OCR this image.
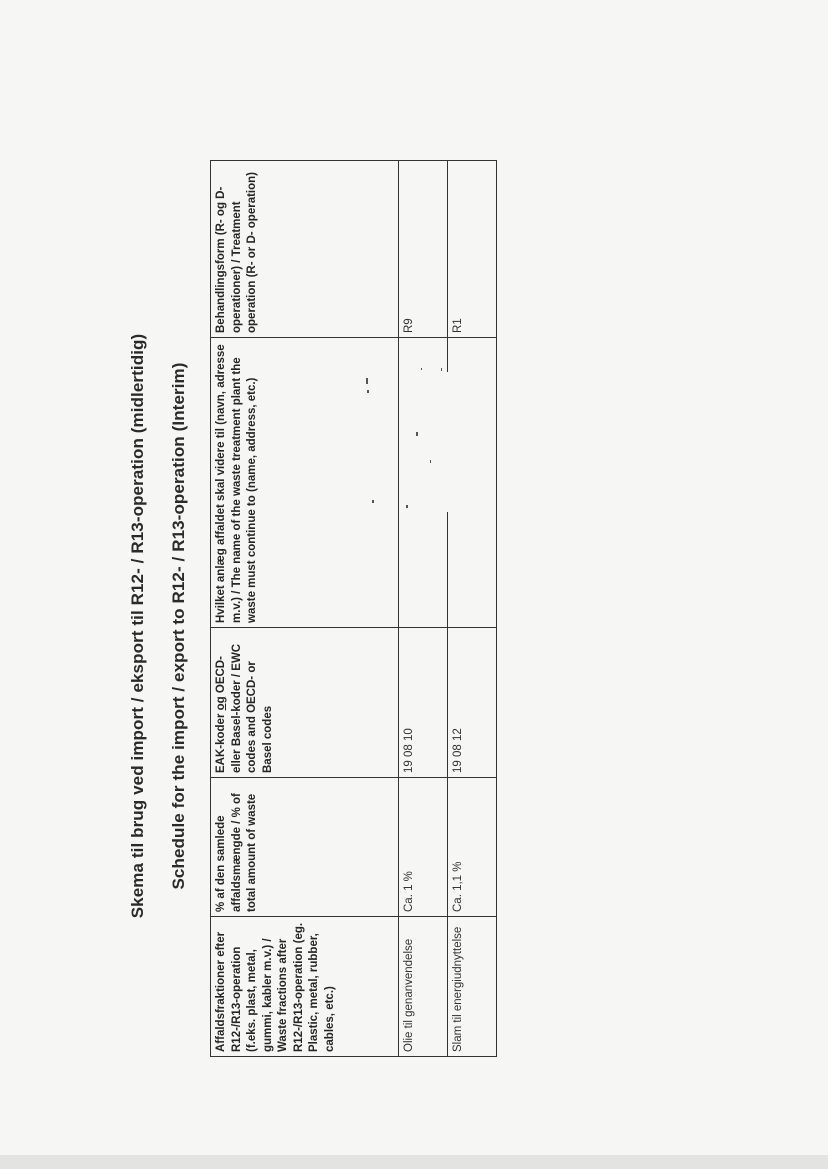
Skema til brug ved import / eksport til R12- / R13-operation (midlertidig) Schedule for the import / export to R12- / R13-operation (Interim)
Affaldsfraktioner efter R12-/R13-operation (f.eks. plast, metal, gummi, kabler m.v.) / Waste fractions after R12-/R13-operation (eg. Plastic, metal, rubber, cables, etc.)	% af den samlede affaldsmængde / % of total amount of waste	EAK-koder og OECD- eller Basel-koder / EWC codes and OECD- or Basel codes	Hvilket anlæg affaldet skal videre til (navn, adresse m.v.) / The name of the waste treatment plant the waste must continue to (name, address, etc.)	Behandlingsform (R- og D- operationer) / Treatment operation (R- or D- operation)
Olie til genanvendelse	Ca. 1 %	19 08 10		R9
Slam til energiudnyttelse	Ca. 1,1 %	19 08 12		R1
